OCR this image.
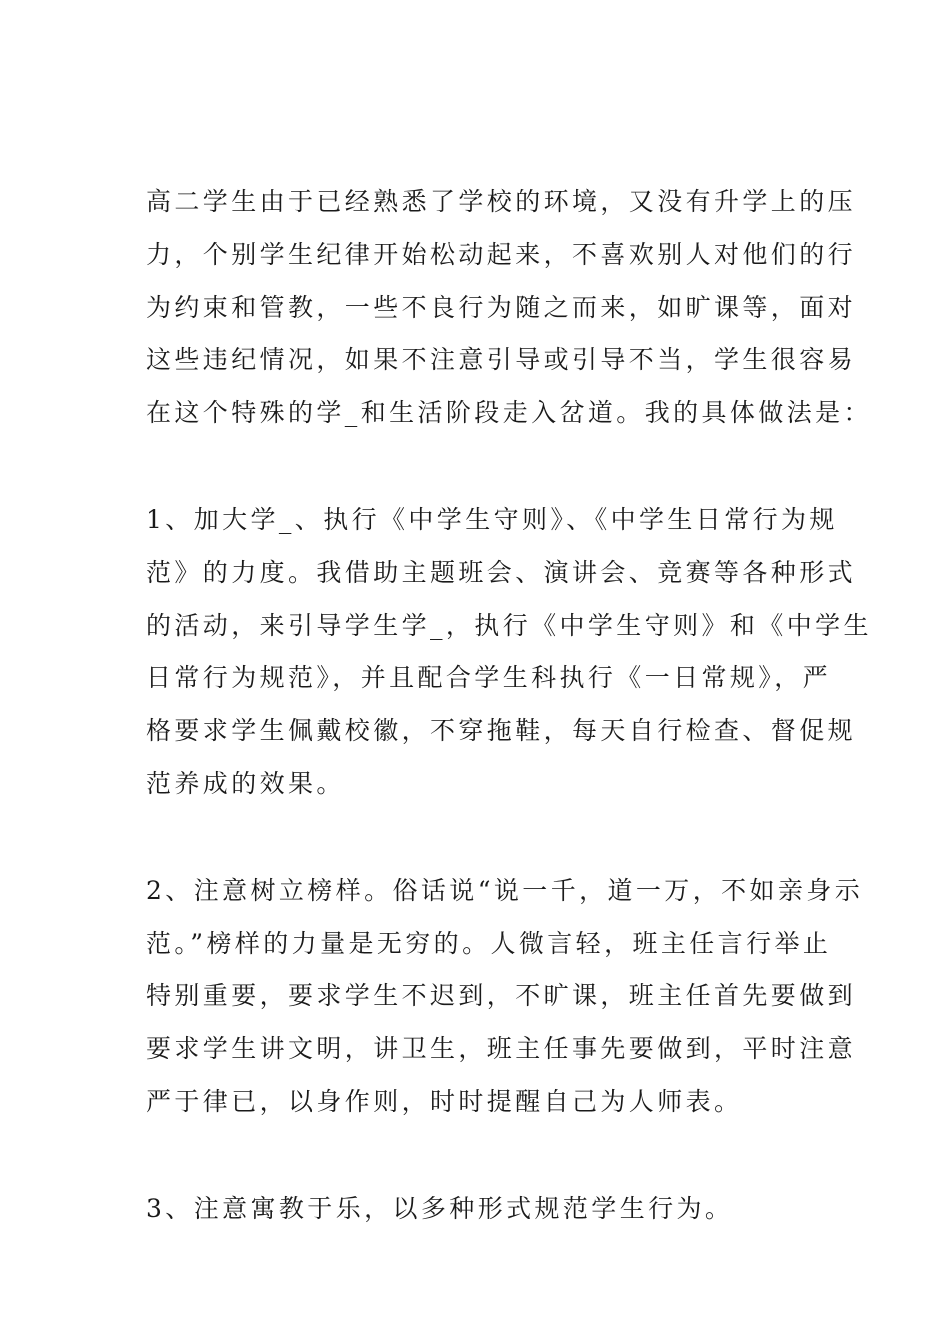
高二学生由于已经熟悉了学校的环境，又没有升学上的压
力，个别学生纪律开始松动起来，不喜欢别人对他们的行
为约束和管教，一些不良行为随之而来，如旷课等，面对
这些违纪情况，如果不注意引导或引导不当，学生很容易
在这个特殊的学_和生活阶段走入岔道。我的具体做法是：

1、加大学_、执行《中学生守则》、《中学生日常行为规
范》的力度。我借助主题班会、演讲会、竞赛等各种形式
的活动，来引导学生学_，执行《中学生守则》和《中学生
日常行为规范》，并且配合学生科执行《一日常规》，严
格要求学生佩戴校徽，不穿拖鞋，每天自行检查、督促规
范养成的效果。

2、注意树立榜样。俗话说“说一千，道一万，不如亲身示
范。”榜样的力量是无穷的。人微言轻，班主任言行举止
特别重要，要求学生不迟到，不旷课，班主任首先要做到
要求学生讲文明，讲卫生，班主任事先要做到，平时注意
严于律已，以身作则，时时提醒自己为人师表。

3、注意寓教于乐，以多种形式规范学生行为。
